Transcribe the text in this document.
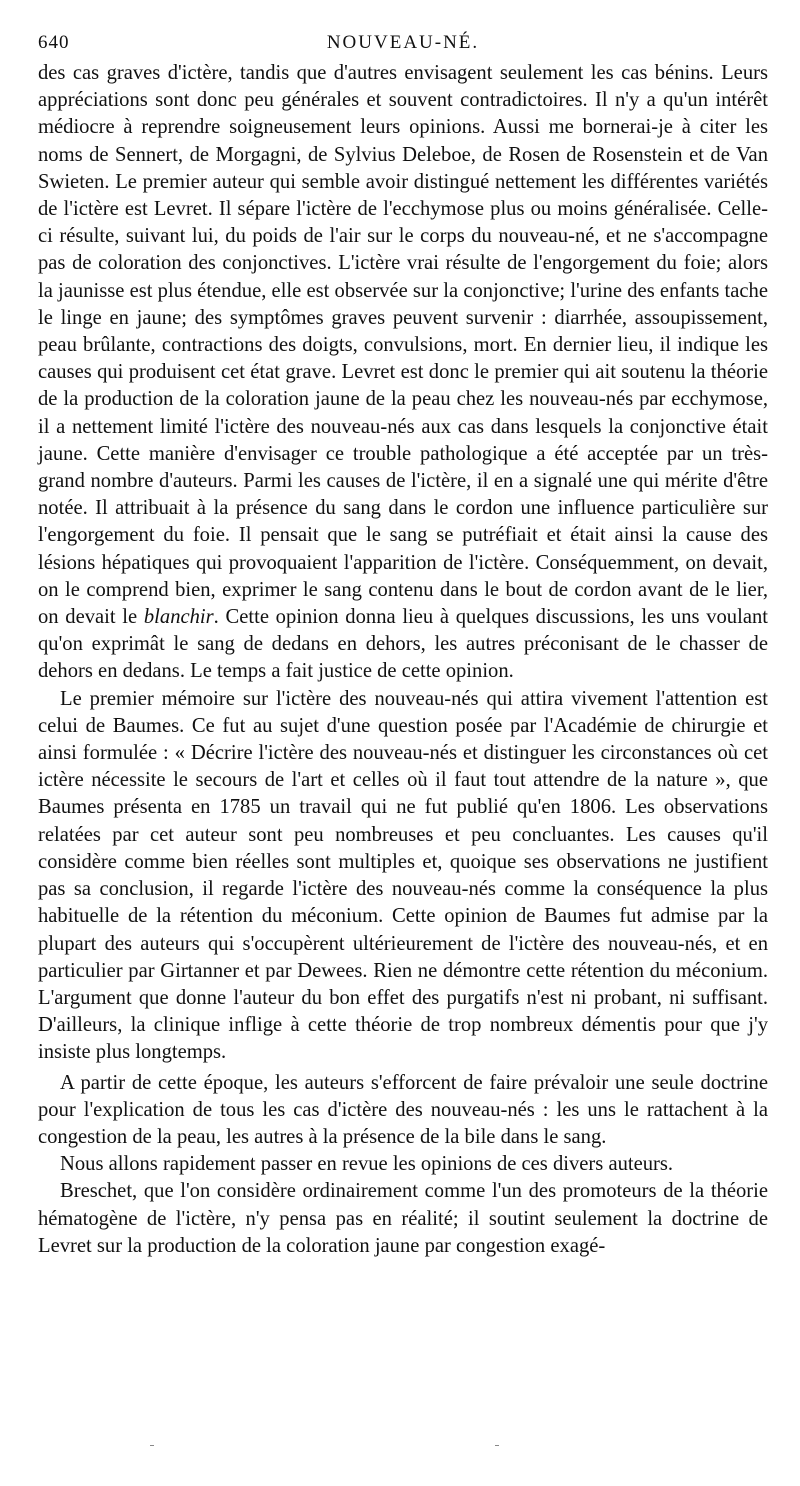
640	NOUVEAU-NÉ.

des cas graves d'ictère, tandis que d'autres envisagent seulement les cas bénins. Leurs appréciations sont donc peu générales et souvent contradictoires. Il n'y a qu'un intérêt médiocre à reprendre soigneusement leurs opinions. Aussi me bornerai-je à citer les noms de Sennert, de Morgagni, de Sylvius Deleboe, de Rosen de Rosenstein et de Van Swieten. Le premier auteur qui semble avoir distingué nettement les différentes variétés de l'ictère est Levret. Il sépare l'ictère de l'ecchymose plus ou moins généralisée. Celle-ci résulte, suivant lui, du poids de l'air sur le corps du nouveau-né, et ne s'accompagne pas de coloration des conjonctives. L'ictère vrai résulte de l'engorgement du foie; alors la jaunisse est plus étendue, elle est observée sur la conjonctive; l'urine des enfants tache le linge en jaune; des symptômes graves peuvent survenir : diarrhée, assoupissement, peau brûlante, contractions des doigts, convulsions, mort. En dernier lieu, il indique les causes qui produisent cet état grave. Levret est donc le premier qui ait soutenu la théorie de la production de la coloration jaune de la peau chez les nouveau-nés par ecchymose, il a nettement limité l'ictère des nouveau-nés aux cas dans lesquels la conjonctive était jaune. Cette manière d'envisager ce trouble pathologique a été acceptée par un très-grand nombre d'auteurs. Parmi les causes de l'ictère, il en a signalé une qui mérite d'être notée. Il attribuait à la présence du sang dans le cordon une influence particulière sur l'engorgement du foie. Il pensait que le sang se putréfiait et était ainsi la cause des lésions hépatiques qui provoquaient l'apparition de l'ictère. Conséquemment, on devait, on le comprend bien, exprimer le sang contenu dans le bout de cordon avant de le lier, on devait le blanchir. Cette opinion donna lieu à quelques discussions, les uns voulant qu'on exprimât le sang de dedans en dehors, les autres préconisant de le chasser de dehors en dedans. Le temps a fait justice de cette opinion.

Le premier mémoire sur l'ictère des nouveau-nés qui attira vivement l'attention est celui de Baumes. Ce fut au sujet d'une question posée par l'Académie de chirurgie et ainsi formulée : « Décrire l'ictère des nouveau-nés et distinguer les circonstances où cet ictère nécessite le secours de l'art et celles où il faut tout attendre de la nature », que Baumes présenta en 1785 un travail qui ne fut publié qu'en 1806. Les observations relatées par cet auteur sont peu nombreuses et peu concluantes. Les causes qu'il considère comme bien réelles sont multiples et, quoique ses observations ne justifient pas sa conclusion, il regarde l'ictère des nouveau-nés comme la conséquence la plus habituelle de la rétention du méconium. Cette opinion de Baumes fut admise par la plupart des auteurs qui s'occupèrent ultérieurement de l'ictère des nouveau-nés, et en particulier par Girtanner et par Dewees. Rien ne démontre cette rétention du méconium. L'argument que donne l'auteur du bon effet des purgatifs n'est ni probant, ni suffisant. D'ailleurs, la clinique inflige à cette théorie de trop nombreux démentis pour que j'y insiste plus longtemps.

A partir de cette époque, les auteurs s'efforcent de faire prévaloir une seule doctrine pour l'explication de tous les cas d'ictère des nouveau-nés : les uns le rattachent à la congestion de la peau, les autres à la présence de la bile dans le sang.

Nous allons rapidement passer en revue les opinions de ces divers auteurs.

Breschet, que l'on considère ordinairement comme l'un des promoteurs de la théorie hématogène de l'ictère, n'y pensa pas en réalité; il soutint seulement la doctrine de Levret sur la production de la coloration jaune par congestion exagé-
